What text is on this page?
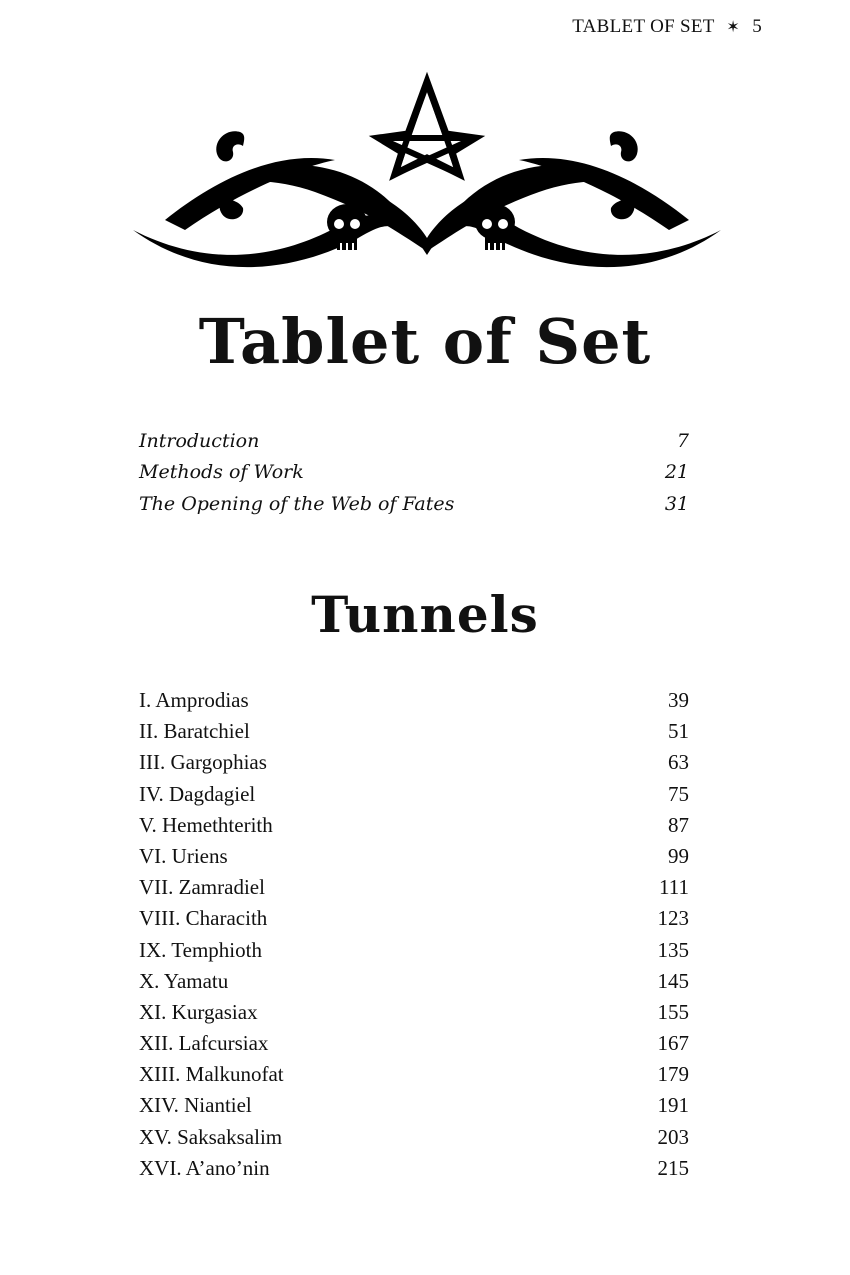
TABLET OF SET ✶ 5
Tablet of Set
Introduction	7
Methods of Work	21
The Opening of the Web of Fates	31
Tunnels
I. Amprodias	39
II. Baratchiel	51
III. Gargophias	63
IV. Dagdagiel	75
V. Hemethterith	87
VI. Uriens	99
VII. Zamradiel	111
VIII. Characith	123
IX. Temphioth	135
X. Yamatu	145
XI. Kurgasiax	155
XII. Lafcursiax	167
XIII. Malkunofat	179
XIV. Niantiel	191
XV. Saksaksalim	203
XVI. A’ano’nin	215
